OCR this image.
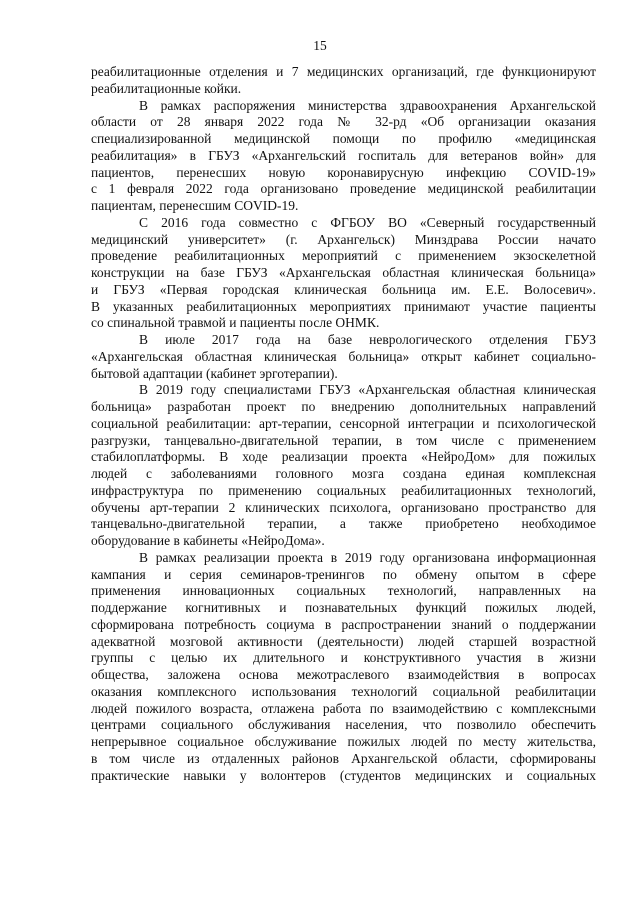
15
реабилитационные отделения и 7 медицинских организаций, где функционируют
реабилитационные койки.
В рамках распоряжения министерства здравоохранения Архангельской
области от 28 января 2022 года № 32-рд «Об организации оказания
специализированной медицинской помощи по профилю «медицинская
реабилитация» в ГБУЗ «Архангельский госпиталь для ветеранов войн» для
пациентов, перенесших новую коронавирусную инфекцию COVID-19»
с 1 февраля 2022 года организовано проведение медицинской реабилитации
пациентам, перенесшим COVID-19.
С 2016 года совместно с ФГБОУ ВО «Северный государственный
медицинский университет» (г. Архангельск) Минздрава России начато
проведение реабилитационных мероприятий с применением экзоскелетной
конструкции на базе ГБУЗ «Архангельская областная клиническая больница»
и ГБУЗ «Первая городская клиническая больница им. Е.Е. Волосевич».
В указанных реабилитационных мероприятиях принимают участие пациенты
со спинальной травмой и пациенты после ОНМК.
В июле 2017 года на базе неврологического отделения ГБУЗ
«Архангельская областная клиническая больница» открыт кабинет социально-
бытовой адаптации (кабинет эрготерапии).
В 2019 году специалистами ГБУЗ «Архангельская областная клиническая
больница» разработан проект по внедрению дополнительных направлений
социальной реабилитации: арт-терапии, сенсорной интеграции и психологической
разгрузки, танцевально-двигательной терапии, в том числе с применением
стабилоплатформы. В ходе реализации проекта «НейроДом» для пожилых
людей с заболеваниями головного мозга создана единая комплексная
инфраструктура по применению социальных реабилитационных технологий,
обучены арт-терапии 2 клинических психолога, организовано пространство для
танцевально-двигательной терапии, а также приобретено необходимое
оборудование в кабинеты «НейроДома».
В рамках реализации проекта в 2019 году организована информационная
кампания и серия семинаров-тренингов по обмену опытом в сфере
применения инновационных социальных технологий, направленных на
поддержание когнитивных и познавательных функций пожилых людей,
сформирована потребность социума в распространении знаний о поддержании
адекватной мозговой активности (деятельности) людей старшей возрастной
группы с целью их длительного и конструктивного участия в жизни
общества, заложена основа межотраслевого взаимодействия в вопросах
оказания комплексного использования технологий социальной реабилитации
людей пожилого возраста, отлажена работа по взаимодействию с комплексными
центрами социального обслуживания населения, что позволило обеспечить
непрерывное социальное обслуживание пожилых людей по месту жительства,
в том числе из отдаленных районов Архангельской области, сформированы
практические навыки у волонтеров (студентов медицинских и социальных
